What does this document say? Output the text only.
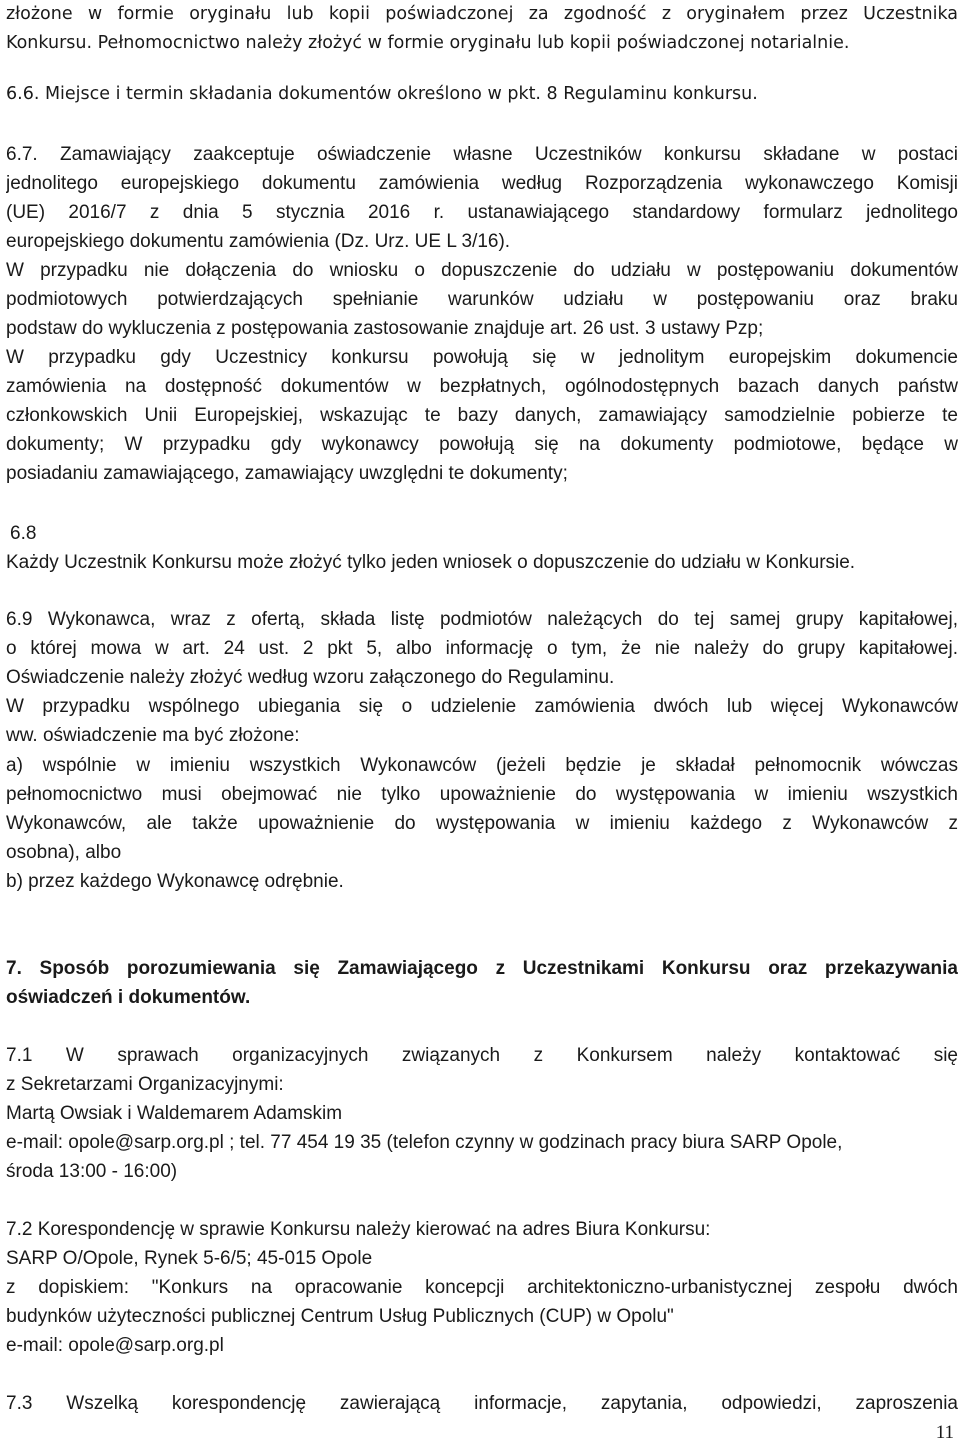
złożone w formie oryginału lub kopii poświadczonej za zgodność z oryginałem przez Uczestnika
Konkursu. Pełnomocnictwo należy złożyć w formie oryginału lub kopii poświadczonej notarialnie.
6.6. Miejsce i termin składania dokumentów określono w pkt. 8 Regulaminu konkursu.
6.7. Zamawiający zaakceptuje oświadczenie własne Uczestników konkursu składane w postaci
jednolitego europejskiego dokumentu zamówienia według Rozporządzenia wykonawczego Komisji
(UE) 2016/7 z dnia 5 stycznia 2016 r. ustanawiającego standardowy formularz jednolitego
europejskiego dokumentu zamówienia (Dz. Urz. UE L 3/16).
W przypadku nie dołączenia do wniosku o dopuszczenie do udziału w postępowaniu dokumentów
podmiotowych potwierdzających spełnianie warunków udziału w postępowaniu oraz braku
podstaw do wykluczenia z postępowania zastosowanie znajduje art. 26 ust. 3 ustawy Pzp;
W przypadku gdy Uczestnicy konkursu powołują się w jednolitym europejskim dokumencie
zamówienia na dostępność dokumentów w bezpłatnych, ogólnodostępnych bazach danych państw
członkowskich Unii Europejskiej, wskazując te bazy danych, zamawiający samodzielnie pobierze te
dokumenty; W przypadku gdy wykonawcy powołują się na dokumenty podmiotowe, będące w
posiadaniu zamawiającego, zamawiający uwzględni te dokumenty;
6.8
Każdy Uczestnik Konkursu może złożyć tylko jeden wniosek o dopuszczenie do udziału w Konkursie.
6.9 Wykonawca, wraz z ofertą, składa listę podmiotów należących do tej samej grupy kapitałowej,
o której mowa w art. 24 ust. 2 pkt 5, albo informację o tym, że nie należy do grupy kapitałowej.
Oświadczenie należy złożyć według wzoru załączonego do Regulaminu.
W przypadku wspólnego ubiegania się o udzielenie zamówienia dwóch lub więcej Wykonawców
ww. oświadczenie ma być złożone:
a) wspólnie w imieniu wszystkich Wykonawców (jeżeli będzie je składał pełnomocnik wówczas
pełnomocnictwo musi obejmować nie tylko upoważnienie do występowania w imieniu wszystkich
Wykonawców, ale także upoważnienie do występowania w imieniu każdego z Wykonawców z
osobna), albo
b) przez każdego Wykonawcę odrębnie.
7. Sposób porozumiewania się Zamawiającego z Uczestnikami Konkursu oraz przekazywania
oświadczeń i dokumentów.
7.1 W sprawach organizacyjnych związanych z Konkursem należy kontaktować się
z Sekretarzami Organizacyjnymi:
Martą Owsiak i Waldemarem Adamskim
e-mail: opole@sarp.org.pl ; tel. 77 454 19 35 (telefon czynny w godzinach pracy biura SARP Opole,
środa 13:00 - 16:00)
7.2 Korespondencję w sprawie Konkursu należy kierować na adres Biura Konkursu:
SARP O/Opole, Rynek 5-6/5; 45-015 Opole
z dopiskiem: "Konkurs na opracowanie koncepcji architektoniczno-urbanistycznej zespołu dwóch
budynków użyteczności publicznej Centrum Usług Publicznych (CUP) w Opolu"
e-mail: opole@sarp.org.pl
7.3 Wszelką korespondencję zawierającą informacje, zapytania, odpowiedzi, zaproszenia
11
